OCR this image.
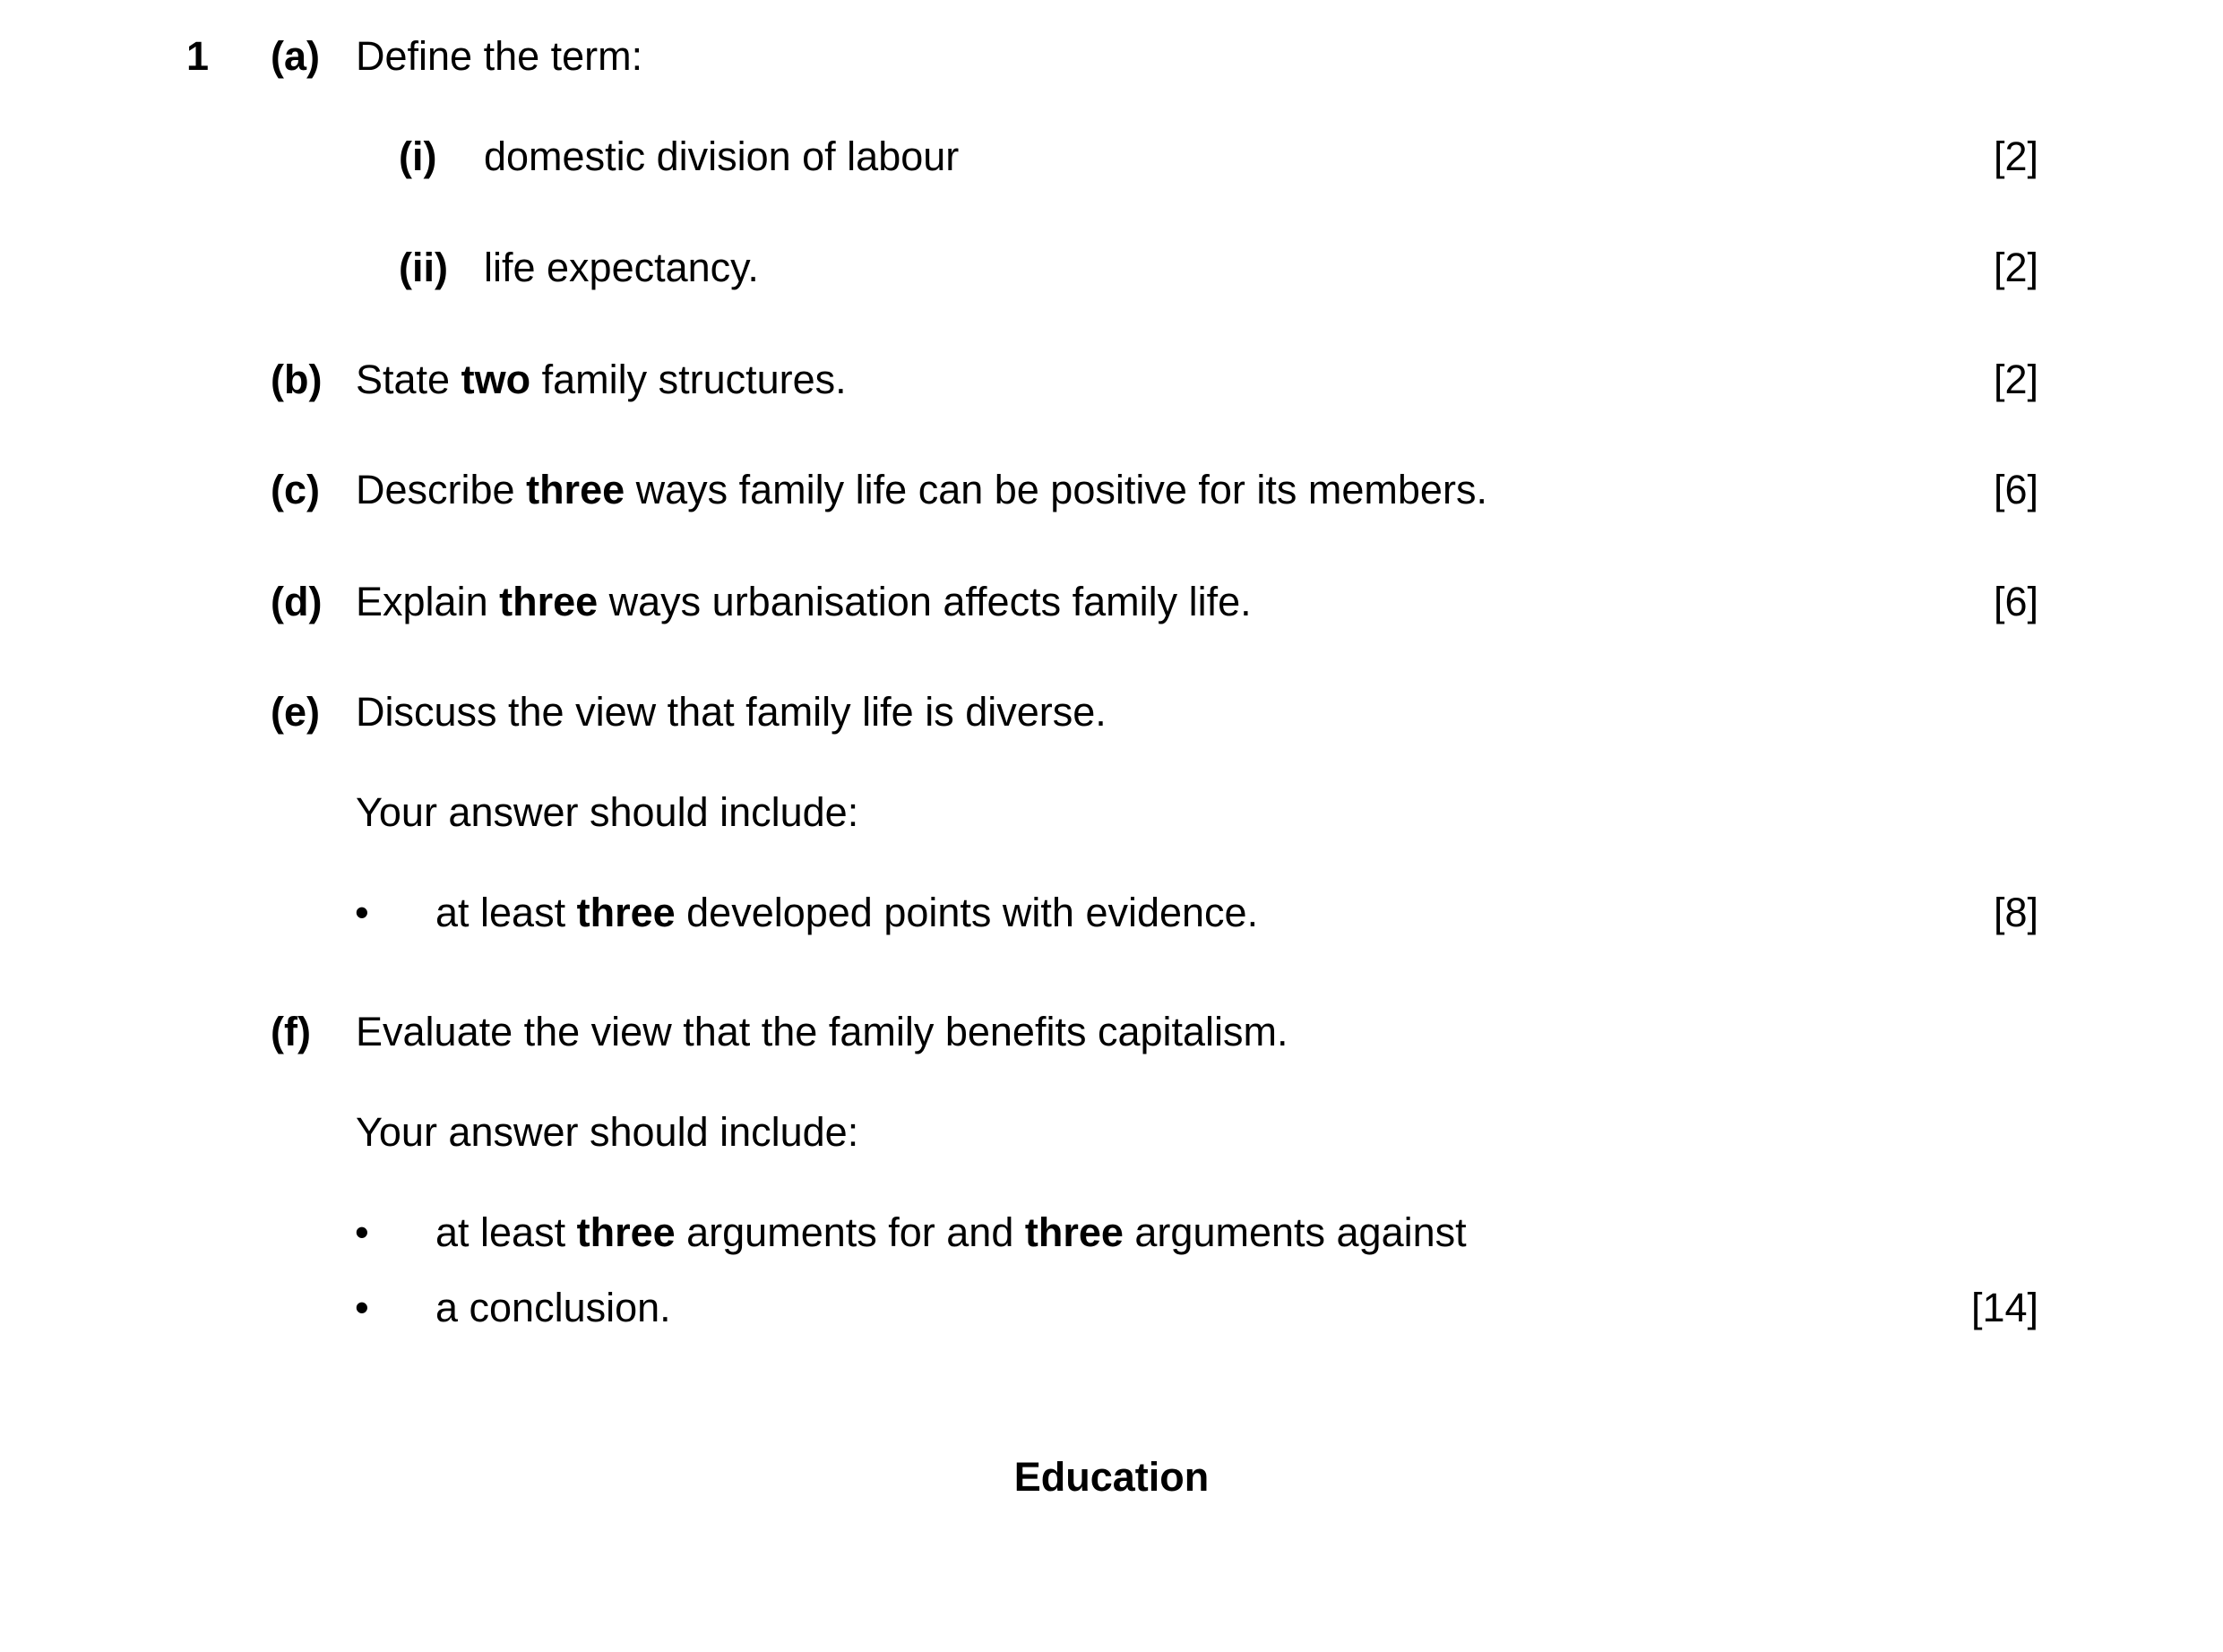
1 (a) Define the term:
(i) domestic division of labour	[2]
(ii) life expectancy.	[2]
(b) State two family structures.	[2]
(c) Describe three ways family life can be positive for its members.	[6]
(d) Explain three ways urbanisation affects family life.	[6]
(e) Discuss the view that family life is diverse.
Your answer should include:
• at least three developed points with evidence.	[8]
(f) Evaluate the view that the family benefits capitalism.
Your answer should include:
• at least three arguments for and three arguments against
• a conclusion.	[14]
Education
